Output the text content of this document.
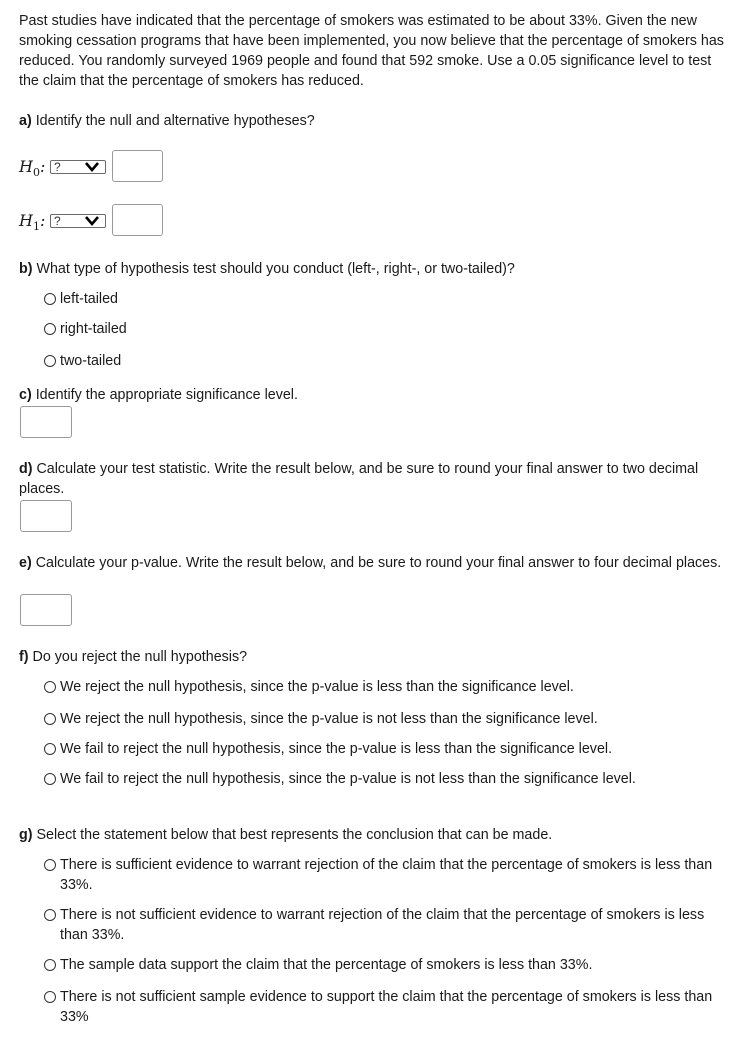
Past studies have indicated that the percentage of smokers was estimated to be about 33%. Given the new smoking cessation programs that have been implemented, you now believe that the percentage of smokers has reduced. You randomly surveyed 1969 people and found that 592 smoke. Use a 0.05 significance level to test the claim that the percentage of smokers has reduced.
a) Identify the null and alternative hypotheses?
$H_0$: ?
$H_1$: ?
b) What type of hypothesis test should you conduct (left-, right-, or two-tailed)?
left-tailed
right-tailed
two-tailed
c) Identify the appropriate significance level.
d) Calculate your test statistic. Write the result below, and be sure to round your final answer to two decimal places.
e) Calculate your p-value. Write the result below, and be sure to round your final answer to four decimal places.
f) Do you reject the null hypothesis?
We reject the null hypothesis, since the p-value is less than the significance level.
We reject the null hypothesis, since the p-value is not less than the significance level.
We fail to reject the null hypothesis, since the p-value is less than the significance level.
We fail to reject the null hypothesis, since the p-value is not less than the significance level.
g) Select the statement below that best represents the conclusion that can be made.
There is sufficient evidence to warrant rejection of the claim that the percentage of smokers is less than 33%.
There is not sufficient evidence to warrant rejection of the claim that the percentage of smokers is less than 33%.
The sample data support the claim that the percentage of smokers is less than 33%.
There is not sufficient sample evidence to support the claim that the percentage of smokers is less than 33%
